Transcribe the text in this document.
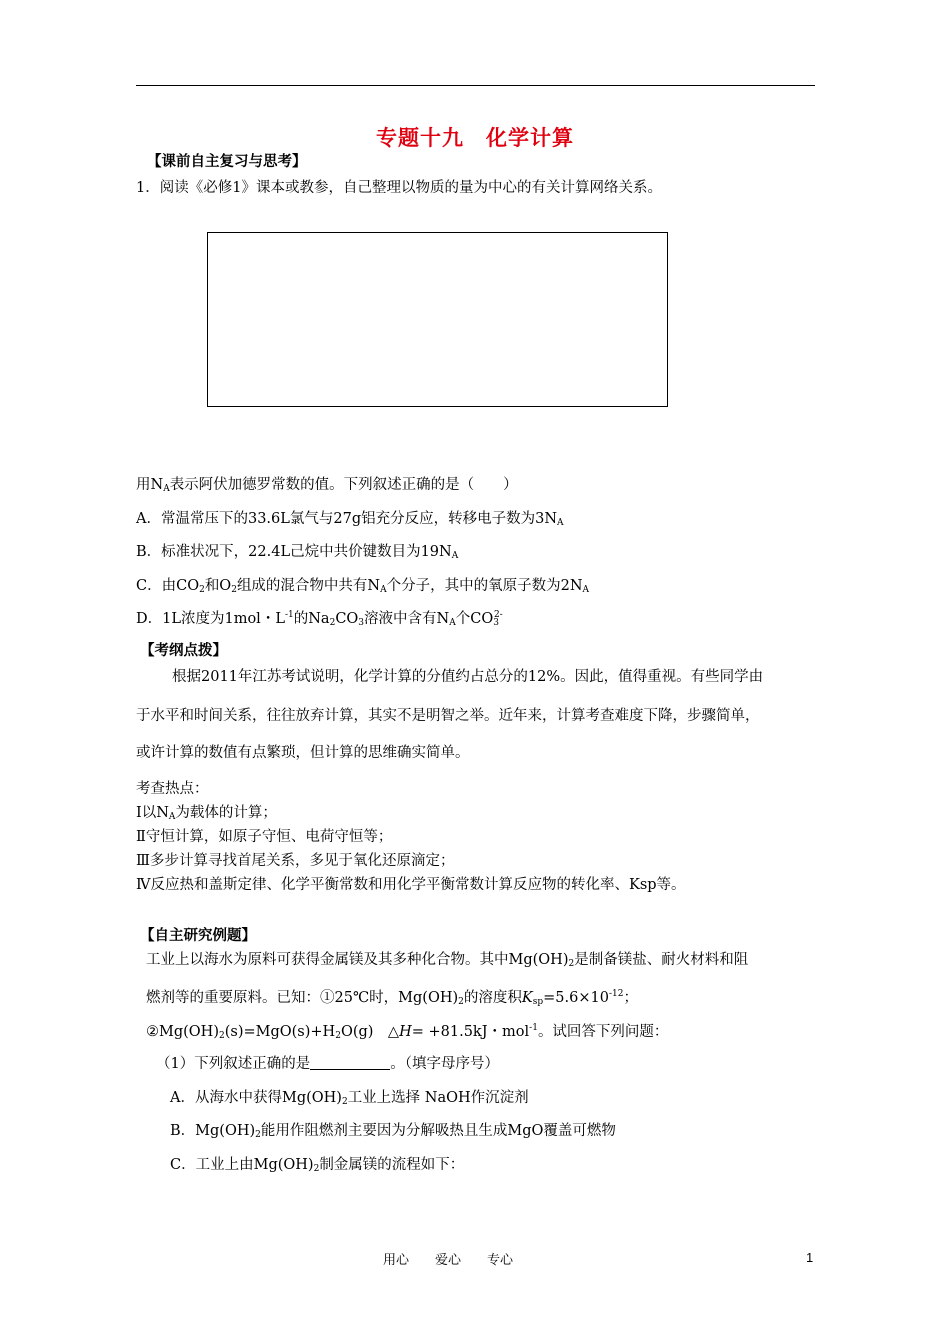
专题十九　化学计算
【课前自主复习与思考】
1．阅读《必修1》课本或教参，自己整理以物质的量为中心的有关计算网络关系。
用$N_A$表示阿伏加德罗常数的值。下列叙述正确的是（　　）
A．常温常压下的33.6L氯气与27g铝充分反应，转移电子数为$3N_A$
B．标准状况下，22.4L己烷中共价键数目为$19N_A$
C．由$CO_2$和$O_2$组成的混合物中共有$N_A$个分子，其中的氧原子数为$2N_A$
D．1L浓度为1mol・$L^{-1}$的$Na_2CO_3$溶液中含有$N_A$个$CO_3^{2-}$
【考纲点拨】
根据2011年江苏考试说明，化学计算的分值约占总分的12%。因此，值得重视。有些同学由
于水平和时间关系，往往放弃计算，其实不是明智之举。近年来，计算考查难度下降，步骤简单，
或许计算的数值有点繁琐，但计算的思维确实简单。
考查热点：
Ⅰ以$N_A$为载体的计算；
Ⅱ守恒计算，如原子守恒、电荷守恒等；
Ⅲ多步计算寻找首尾关系，多见于氧化还原滴定；
Ⅳ反应热和盖斯定律、化学平衡常数和用化学平衡常数计算反应物的转化率、Ksp等。
【自主研究例题】
工业上以海水为原料可获得金属镁及其多种化合物。其中$Mg(OH)_2$是制备镁盐、耐火材料和阻
燃剂等的重要原料。已知：①25℃时，$Mg(OH)_2$的溶度积$K_{sp}=5.6\times 10^{-12}$；
$②Mg(OH)_2(s)=MgO(s)+H_2O(g)$　△H= +81.5kJ・mol$^{-1}$。试回答下列问题：
（1）下列叙述正确的是	。（填字母序号）
A．从海水中获得$Mg(OH)_2$工业上选择 NaOH作沉淀剂
B．$Mg(OH)_2$能用作阻燃剂主要因为分解吸热且生成MgO覆盖可燃物
C．工业上由$Mg(OH)_2$制金属镁的流程如下：
用心　　爱心　　专心	1
